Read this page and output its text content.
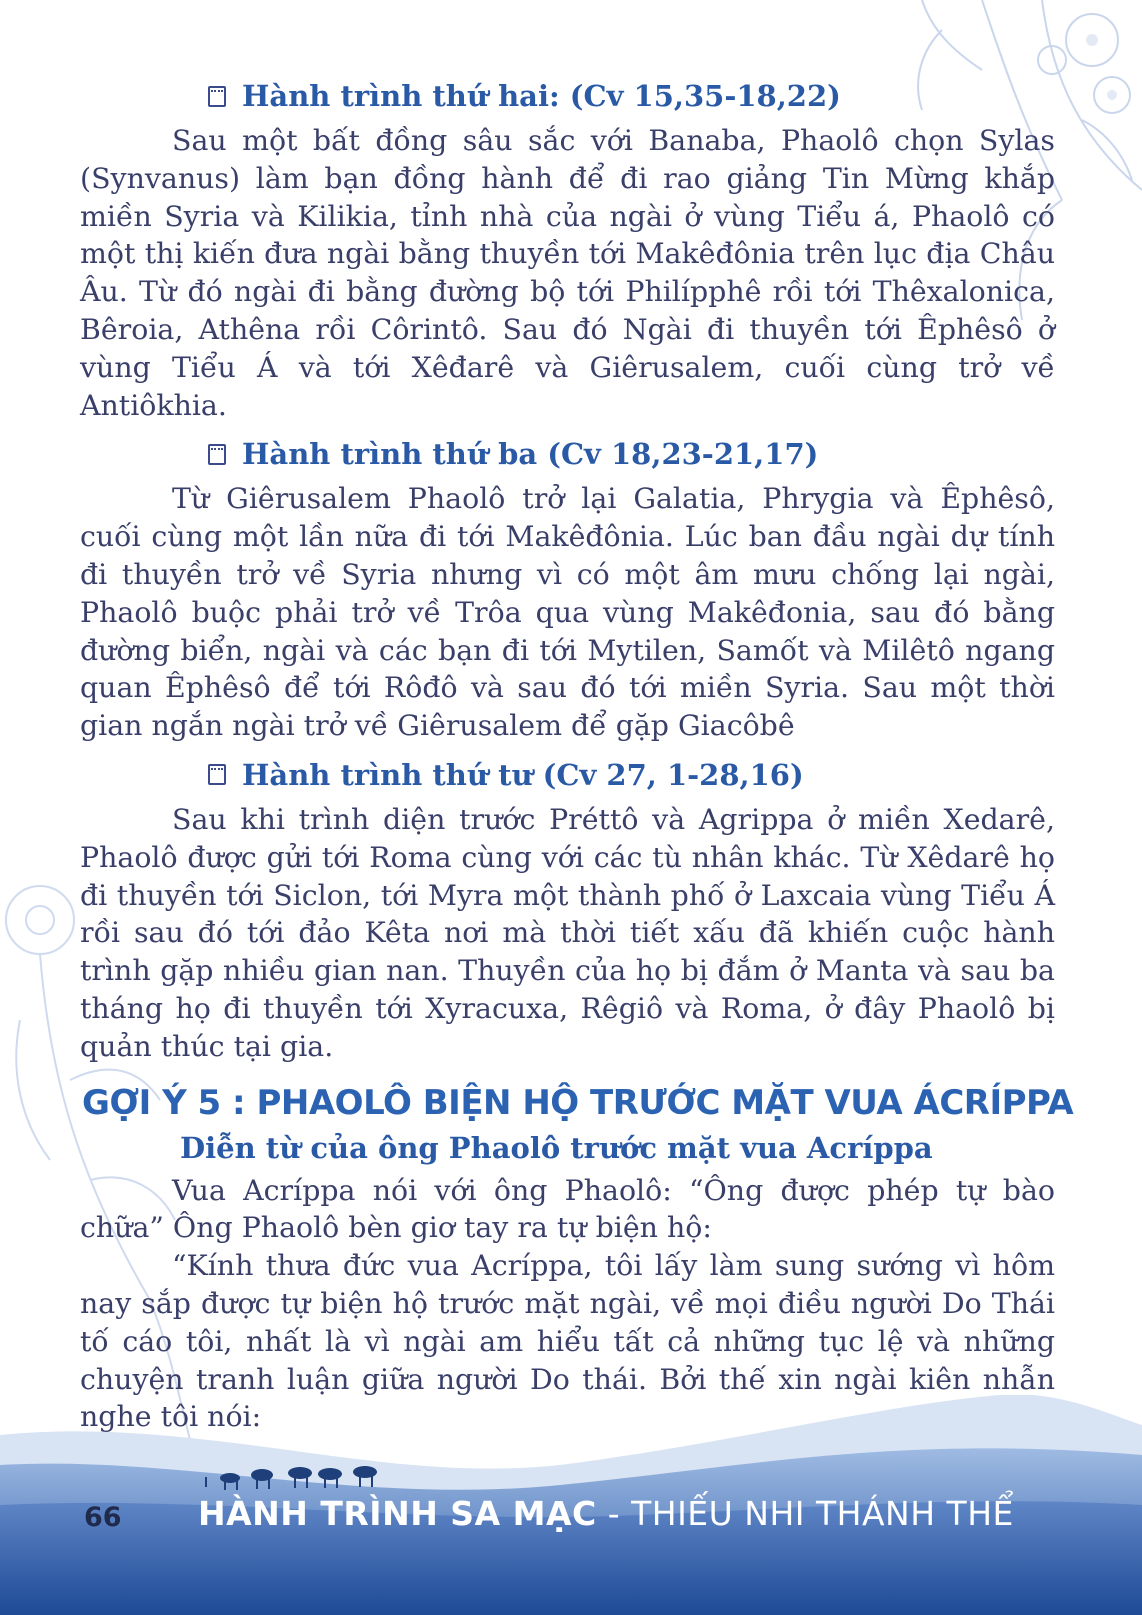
Hành trình thứ hai: (Cv 15,35-18,22)

Sau một bất đồng sâu sắc với Banaba, Phaolô chọn Sylas (Synvanus) làm bạn đồng hành để đi rao giảng Tin Mừng khắp miền Syria và Kilikia, tỉnh nhà của ngài ở vùng Tiểu á, Phaolô có một thị kiến đưa ngài bằng thuyền tới Makêđônia trên lục địa Châu Âu. Từ đó ngài đi bằng đường bộ tới Philípphê rồi tới Thêxalonica, Bêroia, Athêna rồi Côrintô. Sau đó Ngài đi thuyền tới Êphêsô ở vùng Tiểu Á và tới Xêđarê và Giêrusalem, cuối cùng trở về Antiôkhia.

Hành trình thứ ba (Cv 18,23-21,17)

Từ Giêrusalem Phaolô trở lại Galatia, Phrygia và Êphêsô, cuối cùng một lần nữa đi tới Makêđônia. Lúc ban đầu ngài dự tính đi thuyền trở về Syria nhưng vì có một âm mưu chống lại ngài, Phaolô buộc phải trở về Trôa qua vùng Makêđonia, sau đó bằng đường biển, ngài và các bạn đi tới Mytilen, Samốt và Milêtô ngang quan Êphêsô để tới Rôđô và sau đó tới miền Syria. Sau một thời gian ngắn ngài trở về Giêrusalem để gặp Giacôbê

Hành trình thứ tư (Cv 27, 1-28,16)

Sau khi trình diện trước Préttô và Agrippa ở miền Xedarê, Phaolô được gửi tới Roma cùng với các tù nhân khác. Từ Xêdarê họ đi thuyền tới Siclon, tới Myra một thành phố ở Laxcaia vùng Tiểu Á rồi sau đó tới đảo Kêta nơi mà thời tiết xấu đã khiến cuộc hành trình gặp nhiều gian nan. Thuyền của họ bị đắm ở Manta và sau ba tháng họ đi thuyền tới Xyracuxa, Rêgiô và Roma, ở đây Phaolô bị quản thúc tại gia.

GỢI Ý 5 : PHAOLÔ BIỆN HỘ TRƯỚC MẶT VUA ÁCRÍPPA
Diễn từ của ông Phaolô trước mặt vua Acríppa

Vua Acríppa nói với ông Phaolô: “Ông được phép tự bào chữa” Ông Phaolô bèn giơ tay ra tự biện hộ:

“Kính thưa đức vua Acríppa, tôi lấy làm sung sướng vì hôm nay sắp được tự biện hộ trước mặt ngài, về mọi điều người Do Thái tố cáo tôi, nhất là vì ngài am hiểu tất cả những tục lệ và những chuyện tranh luận giữa người Do thái. Bởi thế xin ngài kiên nhẫn nghe tôi nói:

66 HÀNH TRÌNH SA MẠC - THIẾU NHI THÁNH THỂ
